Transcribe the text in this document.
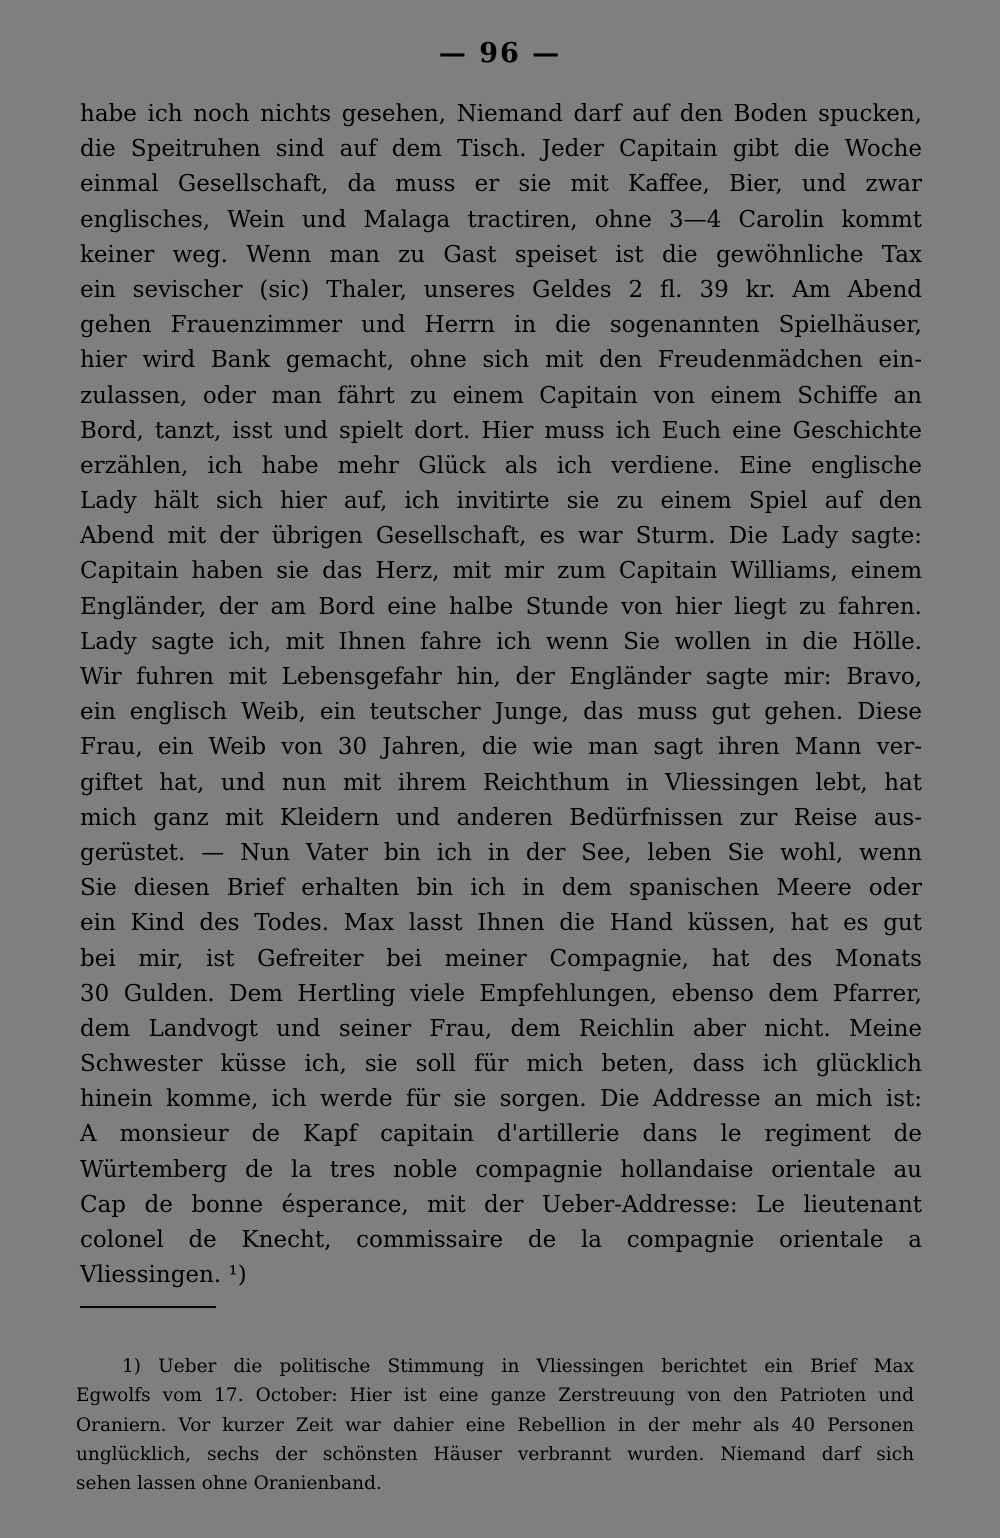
— 96 —
habe ich noch nichts gesehen, Niemand darf auf den Boden spucken,
die Speitruhen sind auf dem Tisch. Jeder Capitain gibt die Woche
einmal Gesellschaft, da muss er sie mit Kaffee, Bier, und zwar
englisches, Wein und Malaga tractiren, ohne 3—4 Carolin kommt
keiner weg. Wenn man zu Gast speiset ist die gewöhnliche Tax
ein sevischer (sic) Thaler, unseres Geldes 2 fl. 39 kr. Am Abend
gehen Frauenzimmer und Herrn in die sogenannten Spielhäuser,
hier wird Bank gemacht, ohne sich mit den Freudenmädchen ein-
zulassen, oder man fährt zu einem Capitain von einem Schiffe an
Bord, tanzt, isst und spielt dort. Hier muss ich Euch eine Geschichte
erzählen, ich habe mehr Glück als ich verdiene. Eine englische
Lady hält sich hier auf, ich invitirte sie zu einem Spiel auf den
Abend mit der übrigen Gesellschaft, es war Sturm. Die Lady sagte:
Capitain haben sie das Herz, mit mir zum Capitain Williams, einem
Engländer, der am Bord eine halbe Stunde von hier liegt zu fahren.
Lady sagte ich, mit Ihnen fahre ich wenn Sie wollen in die Hölle.
Wir fuhren mit Lebensgefahr hin, der Engländer sagte mir: Bravo,
ein englisch Weib, ein teutscher Junge, das muss gut gehen. Diese
Frau, ein Weib von 30 Jahren, die wie man sagt ihren Mann ver-
giftet hat, und nun mit ihrem Reichthum in Vliessingen lebt, hat
mich ganz mit Kleidern und anderen Bedürfnissen zur Reise aus-
gerüstet. — Nun Vater bin ich in der See, leben Sie wohl, wenn
Sie diesen Brief erhalten bin ich in dem spanischen Meere oder
ein Kind des Todes. Max lasst Ihnen die Hand küssen, hat es gut
bei mir, ist Gefreiter bei meiner Compagnie, hat des Monats
30 Gulden. Dem Hertling viele Empfehlungen, ebenso dem Pfarrer,
dem Landvogt und seiner Frau, dem Reichlin aber nicht. Meine
Schwester küsse ich, sie soll für mich beten, dass ich glücklich
hinein komme, ich werde für sie sorgen. Die Addresse an mich ist:
A monsieur de Kapf capitain d'artillerie dans le regiment de
Würtemberg de la tres noble compagnie hollandaise orientale au
Cap de bonne ésperance, mit der Ueber-Addresse: Le lieutenant
colonel de Knecht, commissaire de la compagnie orientale a
Vliessingen. ¹)
1) Ueber die politische Stimmung in Vliessingen berichtet ein Brief Max
Egwolfs vom 17. October: Hier ist eine ganze Zerstreuung von den Patrioten und
Oraniern. Vor kurzer Zeit war dahier eine Rebellion in der mehr als 40 Personen
unglücklich, sechs der schönsten Häuser verbrannt wurden. Niemand darf sich
sehen lassen ohne Oranienband.
